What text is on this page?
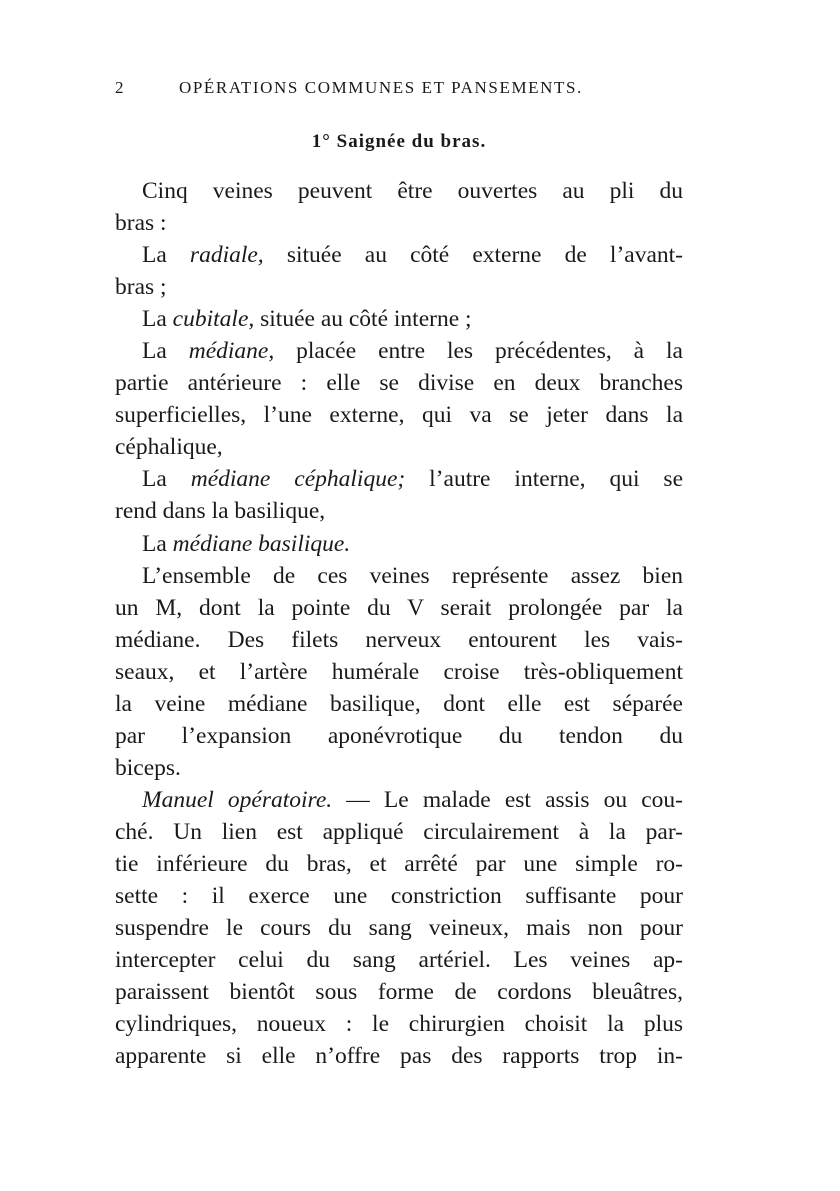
2	OPÉRATIONS COMMUNES ET PANSEMENTS.
1° Saignée du bras.
Cinq veines peuvent être ouvertes au pli du
bras :
La radiale, située au côté externe de l’avant-
bras ;
La cubitale, située au côté interne ;
La médiane, placée entre les précédentes, à la
partie antérieure : elle se divise en deux branches
superficielles, l’une externe, qui va se jeter dans la
céphalique,
La médiane céphalique; l’autre interne, qui se
rend dans la basilique,
La médiane basilique.
L’ensemble de ces veines représente assez bien
un M, dont la pointe du V serait prolongée par la
médiane. Des filets nerveux entourent les vais-
seaux, et l’artère humérale croise très-obliquement
la veine médiane basilique, dont elle est séparée
par l’expansion aponévrotique du tendon du
biceps.
Manuel opératoire. — Le malade est assis ou cou-
ché. Un lien est appliqué circulairement à la par-
tie inférieure du bras, et arrêté par une simple ro-
sette : il exerce une constriction suffisante pour
suspendre le cours du sang veineux, mais non pour
intercepter celui du sang artériel. Les veines ap-
paraissent bientôt sous forme de cordons bleuâtres,
cylindriques, noueux : le chirurgien choisit la plus
apparente si elle n’offre pas des rapports trop in-
